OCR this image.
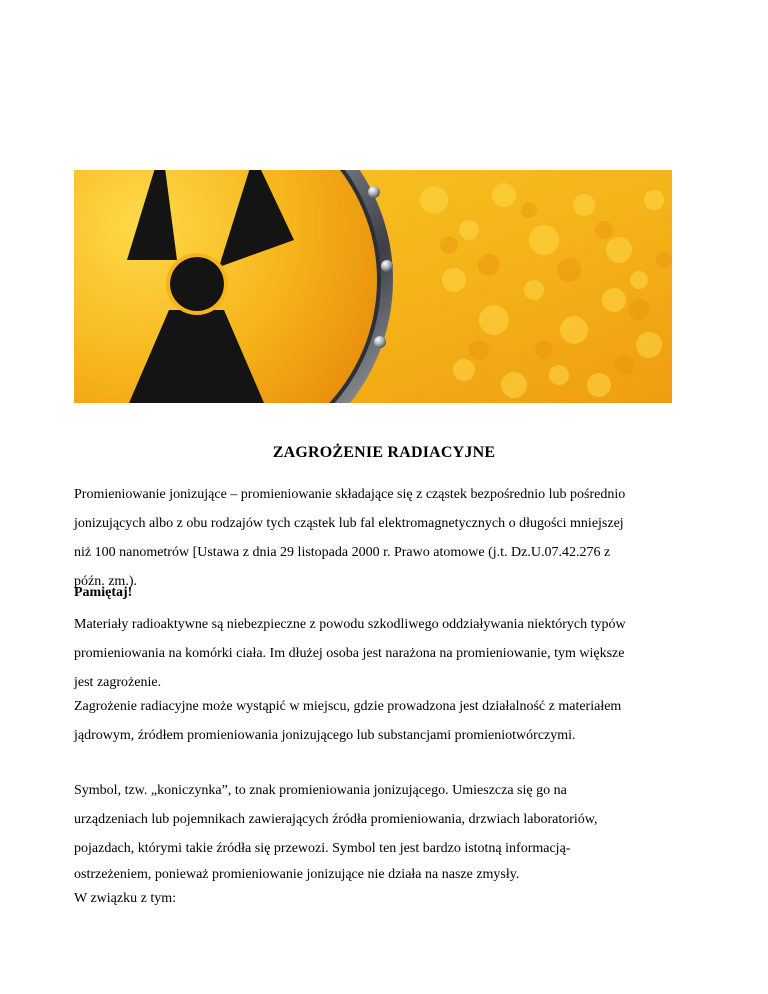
ZAGROŻENIE RADIACYJNE
Promieniowanie jonizujące – promieniowanie składające się z cząstek bezpośrednio lub pośrednio
jonizujących albo z obu rodzajów tych cząstek lub fal elektromagnetycznych o długości mniejszej
niż 100 nanometrów [Ustawa z dnia 29 listopada 2000 r. Prawo atomowe (j.t. Dz.U.07.42.276 z
późn. zm.).
Pamiętaj!
Materiały radioaktywne są niebezpieczne z powodu szkodliwego oddziaływania niektórych typów
promieniowania na komórki ciała. Im dłużej osoba jest narażona na promieniowanie, tym większe
jest zagrożenie.
Zagrożenie radiacyjne może wystąpić w miejscu, gdzie prowadzona jest działalność z materiałem
jądrowym, źródłem promieniowania jonizującego lub substancjami promieniotwórczymi.
Symbol, tzw. „koniczynka”, to znak promieniowania jonizującego. Umieszcza się go na
urządzeniach lub pojemnikach zawierających źródła promieniowania, drzwiach laboratoriów,
pojazdach, którymi takie źródła się przewozi. Symbol ten jest bardzo istotną informacją-
ostrzeżeniem, ponieważ promieniowanie jonizujące nie działa na nasze zmysły.
W związku z tym:
